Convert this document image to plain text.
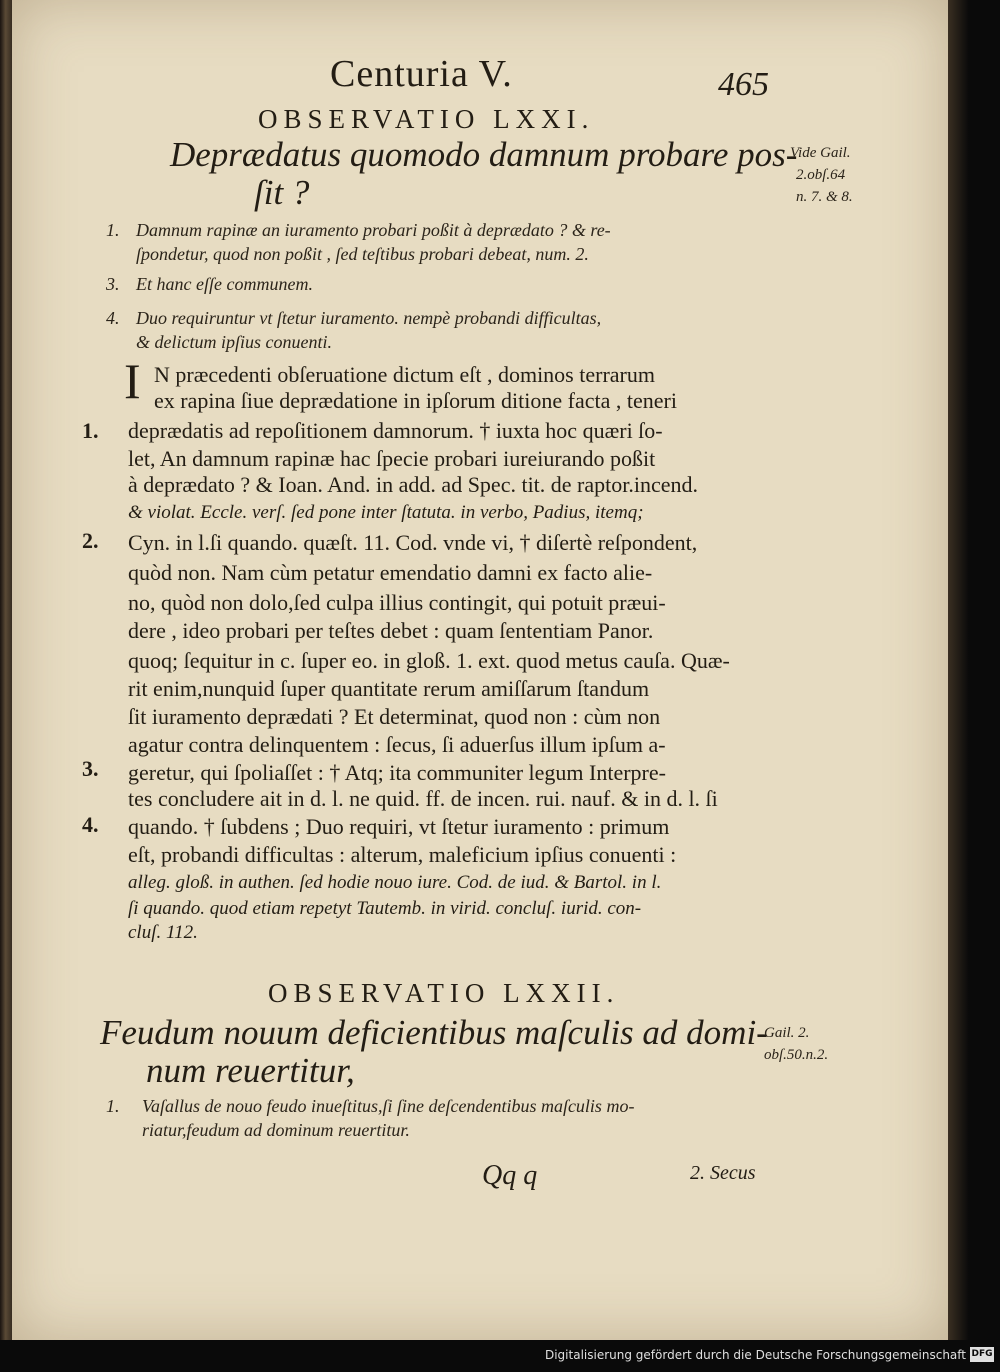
Centuria V.	465
OBSERVATIO LXXI.
Deprædatus quomodo damnum probare pos-
ſit ?
Vide Gail.
2.obſ.64
n. 7. & 8.
1. Damnum rapinæ an iuramento probari poßit à deprædato ? & re-
ſpondetur, quod non poßit , ſed teſtibus probari debeat, num. 2.
3. Et hanc eſſe communem.
4. Duo requiruntur vt ſtetur iuramento. nempè probandi difficultas,
& delictum ipſius conuenti.
I N præcedenti obſeruatione dictum eſt , dominos terrarum
ex rapina ſiue deprædatione in ipſorum ditione facta , teneri
deprædatis ad repoſitionem damnorum. † iuxta hoc quæri ſo-
let, An damnum rapinæ hac ſpecie probari iureiurando poßit
à deprædato ? & Ioan. And. in add. ad Spec. tit. de raptor.incend.
& violat. Eccle. verſ. ſed pone inter ſtatuta. in verbo, Padius, itemq;
Cyn. in l.ſi quando. quæſt. 11. Cod. vnde vi, † diſertè reſpondent,
quòd non. Nam cùm petatur emendatio damni ex facto alie-
no, quòd non dolo,ſed culpa illius contingit, qui potuit præui-
dere , ideo probari per teſtes debet : quam ſententiam Panor.
quoq; ſequitur in c. ſuper eo. in gloß. 1. ext. quod metus cauſa. Quæ-
rit enim,nunquid ſuper quantitate rerum amiſſarum ſtandum
ſit iuramento deprædati ? Et determinat, quod non : cùm non
agatur contra delinquentem : ſecus, ſi aduerſus illum ipſum a-
geretur, qui ſpoliaſſet : † Atq; ita communiter legum Interpre-
tes concludere ait in d. l. ne quid. ff. de incen. rui. nauf. & in d. l. ſi
quando. † ſubdens ; Duo requiri, vt ſtetur iuramento : primum
eſt, probandi difficultas : alterum, maleficium ipſius conuenti :
alleg. gloß. in authen. ſed hodie nouo iure. Cod. de iud. & Bartol. in l.
ſi quando. quod etiam repetyt Tautemb. in virid. concluſ. iurid. con-
cluſ. 112.
1.
2.
3.
4.
OBSERVATIO LXXII.
Feudum nouum deficientibus maſculis ad domi-
num reuertitur,
Gail. 2.
obſ.50.n.2.
1.	Vaſallus de nouo feudo inueſtitus,ſi ſine deſcendentibus maſculis mo-
riatur,feudum ad dominum reuertitur.
Qq q	2. Secus
Digitalisierung gefördert durch die Deutsche Forschungsgemeinschaft DFG
